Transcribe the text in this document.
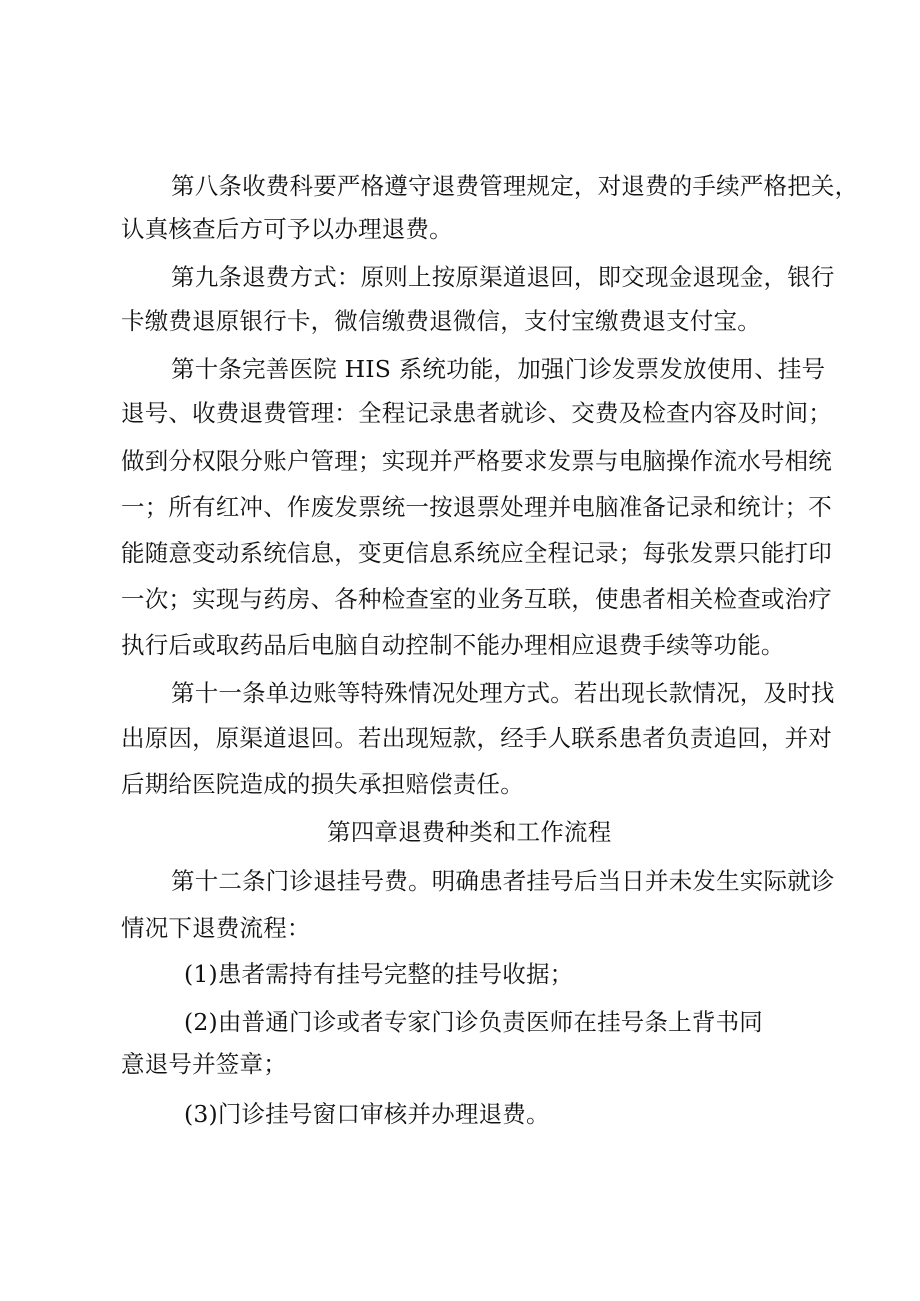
第八条收费科要严格遵守退费管理规定，对退费的手续严格把关，
认真核查后方可予以办理退费。
第九条退费方式：原则上按原渠道退回，即交现金退现金，银行
卡缴费退原银行卡，微信缴费退微信，支付宝缴费退支付宝。
第十条完善医院 HIS 系统功能，加强门诊发票发放使用、挂号
退号、收费退费管理：全程记录患者就诊、交费及检查内容及时间；
做到分权限分账户管理；实现并严格要求发票与电脑操作流水号相统
一；所有红冲、作废发票统一按退票处理并电脑准备记录和统计；不
能随意变动系统信息，变更信息系统应全程记录；每张发票只能打印
一次；实现与药房、各种检查室的业务互联，使患者相关检查或治疗
执行后或取药品后电脑自动控制不能办理相应退费手续等功能。
第十一条单边账等特殊情况处理方式。若出现长款情况，及时找
出原因，原渠道退回。若出现短款，经手人联系患者负责追回，并对
后期给医院造成的损失承担赔偿责任。
第四章退费种类和工作流程
第十二条门诊退挂号费。明确患者挂号后当日并未发生实际就诊
情况下退费流程：
(1)患者需持有挂号完整的挂号收据；
(2)由普通门诊或者专家门诊负责医师在挂号条上背书同
意退号并签章；
(3)门诊挂号窗口审核并办理退费。
